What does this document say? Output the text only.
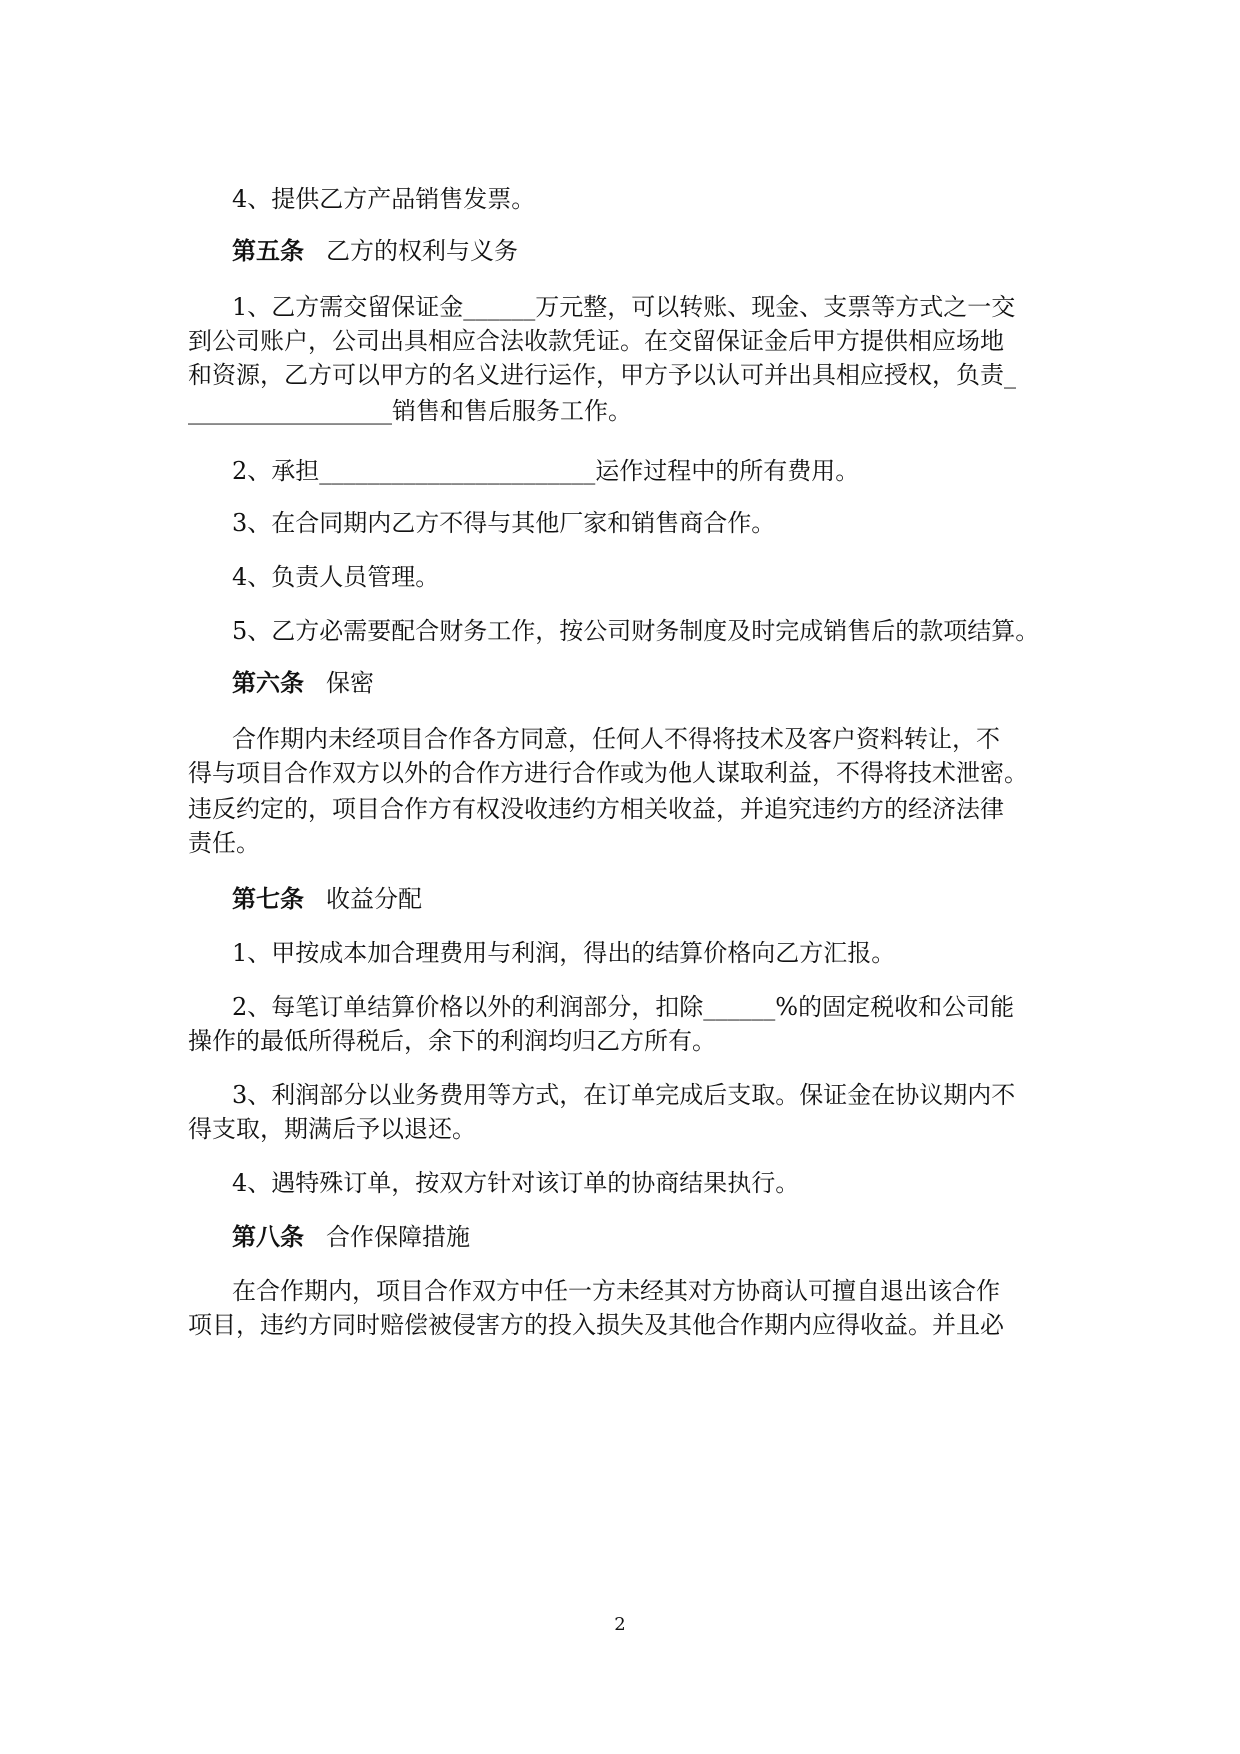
4、提供乙方产品销售发票。
第五条 乙方的权利与义务
1、乙方需交留保证金______万元整，可以转账、现金、支票等方式之一交
到公司账户，公司出具相应合法收款凭证。在交留保证金后甲方提供相应场地
和资源，乙方可以甲方的名义进行运作，甲方予以认可并出具相应授权，负责_
_________________销售和售后服务工作。
2、承担_______________________运作过程中的所有费用。
3、在合同期内乙方不得与其他厂家和销售商合作。
4、负责人员管理。
5、乙方必需要配合财务工作，按公司财务制度及时完成销售后的款项结算。
第六条 保密
合作期内未经项目合作各方同意，任何人不得将技术及客户资料转让，不
得与项目合作双方以外的合作方进行合作或为他人谋取利益，不得将技术泄密。
违反约定的，项目合作方有权没收违约方相关收益，并追究违约方的经济法律
责任。
第七条 收益分配
1、甲按成本加合理费用与利润，得出的结算价格向乙方汇报。
2、每笔订单结算价格以外的利润部分，扣除______%的固定税收和公司能
操作的最低所得税后，余下的利润均归乙方所有。
3、利润部分以业务费用等方式，在订单完成后支取。保证金在协议期内不
得支取，期满后予以退还。
4、遇特殊订单，按双方针对该订单的协商结果执行。
第八条 合作保障措施
在合作期内，项目合作双方中任一方未经其对方协商认可擅自退出该合作
项目，违约方同时赔偿被侵害方的投入损失及其他合作期内应得收益。并且必
2
